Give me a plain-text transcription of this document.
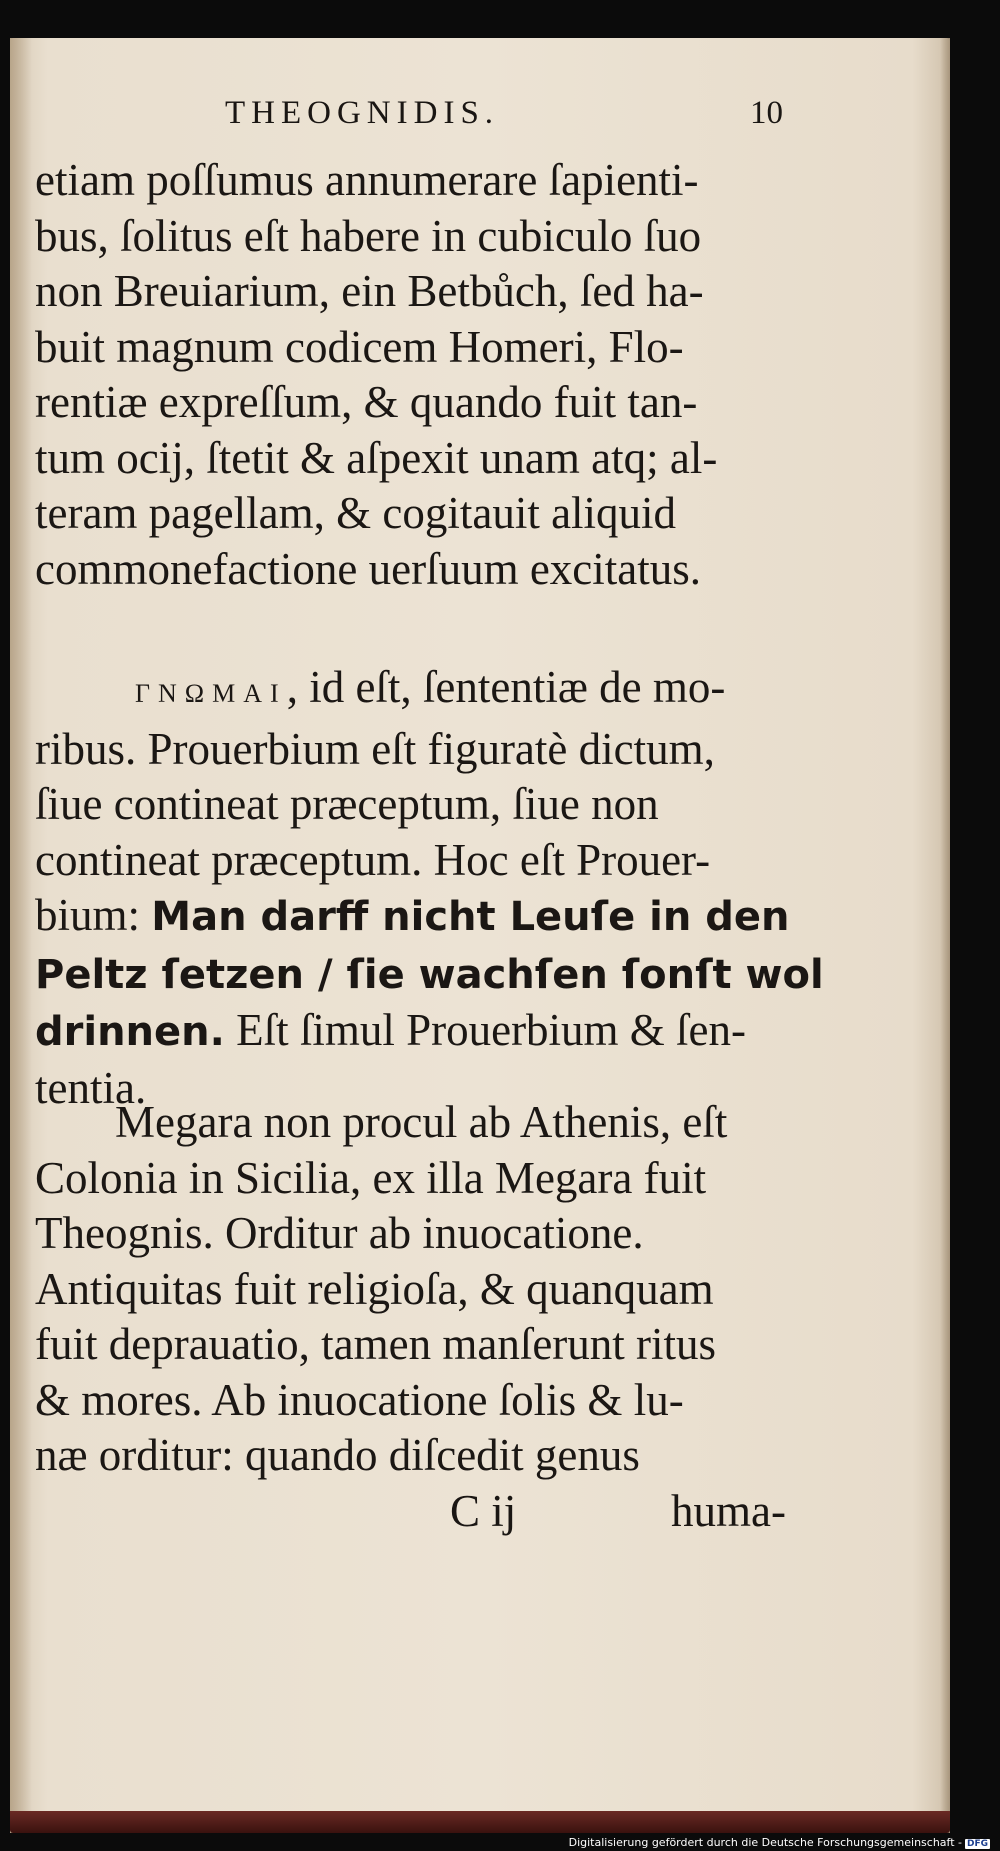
THEOGNIDIS.	10
etiam poſſumus annumerare ſapienti-
bus, ſolitus eſt habere in cubiculo ſuo
non Breuiarium, ein Betbůch, ſed ha-
buit magnum codicem Homeri, Flo-
rentiæ expreſſum, & quando fuit tan-
tum ocij, ſtetit & aſpexit unam atq; al-
teram pagellam, & cogitauit aliquid
commonefactione uerſuum excitatus.
ΓΝΩΜΑΙ, id eſt, ſententiæ de mo-
ribus. Prouerbium eſt figuratè dictum,
ſiue contineat præceptum, ſiue non
contineat præceptum. Hoc eſt Prouer-
bium: Man darff nicht Leuſe in den
Peltz ſetzen / ſie wachſen ſonſt wol
drinnen. Eſt ſimul Prouerbium & ſen-
tentia.
Megara non procul ab Athenis, eſt
Colonia in Sicilia, ex illa Megara fuit
Theognis. Orditur ab inuocatione.
Antiquitas fuit religioſa, & quanquam
fuit deprauatio, tamen manſerunt ritus
& mores. Ab inuocatione ſolis & lu-
næ orditur: quando diſcedit genus
C ij	huma-
Digitalisierung gefördert durch die Deutsche Forschungsgemeinschaft - DFG
